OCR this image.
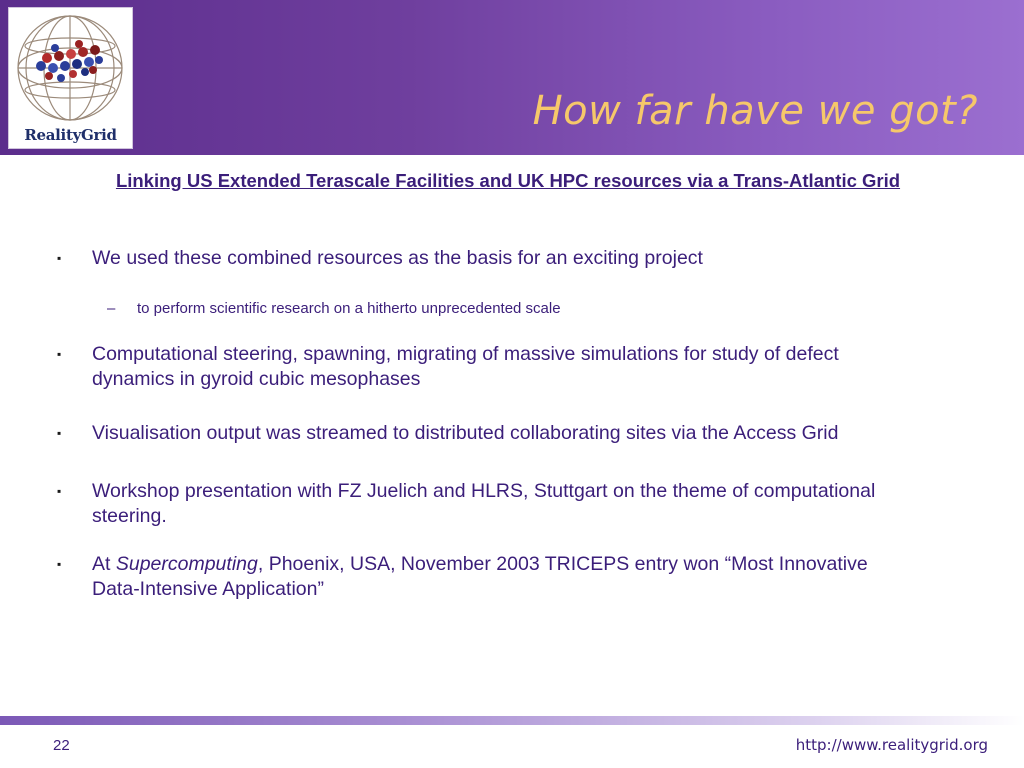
RealityGrid
How far have we got?
Linking US Extended Terascale Facilities and UK HPC resources via a Trans-Atlantic Grid
▪ We used these combined resources as the basis for an exciting project
– to perform scientific research on a hitherto unprecedented scale
▪ Computational steering, spawning, migrating of massive simulations for study of defect dynamics in gyroid cubic mesophases
▪ Visualisation output was streamed to distributed collaborating sites via the Access Grid
▪ Workshop presentation with FZ Juelich and HLRS, Stuttgart on the theme of computational steering.
▪ At Supercomputing, Phoenix, USA, November 2003 TRICEPS entry won “Most Innovative Data-Intensive Application”
22	http://www.realitygrid.org
